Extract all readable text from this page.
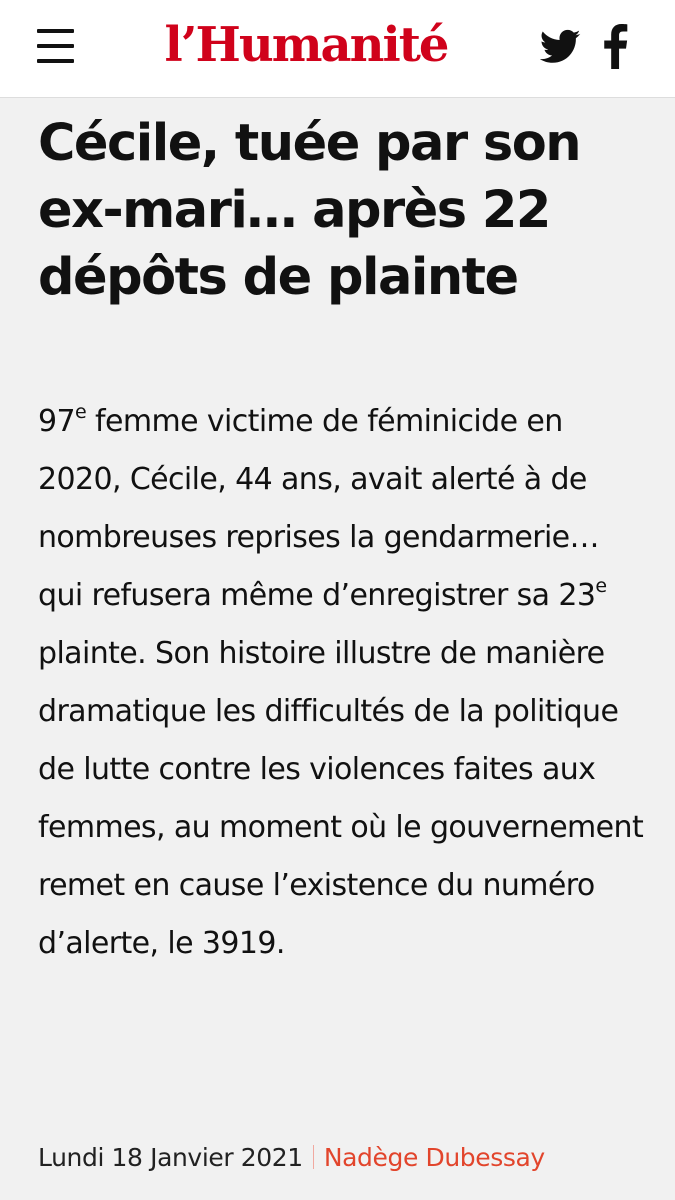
l’Humanité
Cécile, tuée par son ex-mari… après 22 dépôts de plainte

97e femme victime de féminicide en 2020, Cécile, 44 ans, avait alerté à de nombreuses reprises la gendarmerie… qui refusera même d’enregistrer sa 23e plainte. Son histoire illustre de manière dramatique les difficultés de la politique de lutte contre les violences faites aux femmes, au moment où le gouvernement remet en cause l’existence du numéro d’alerte, le 3919.

Lundi 18 Janvier 2021 Nadège Dubessay
